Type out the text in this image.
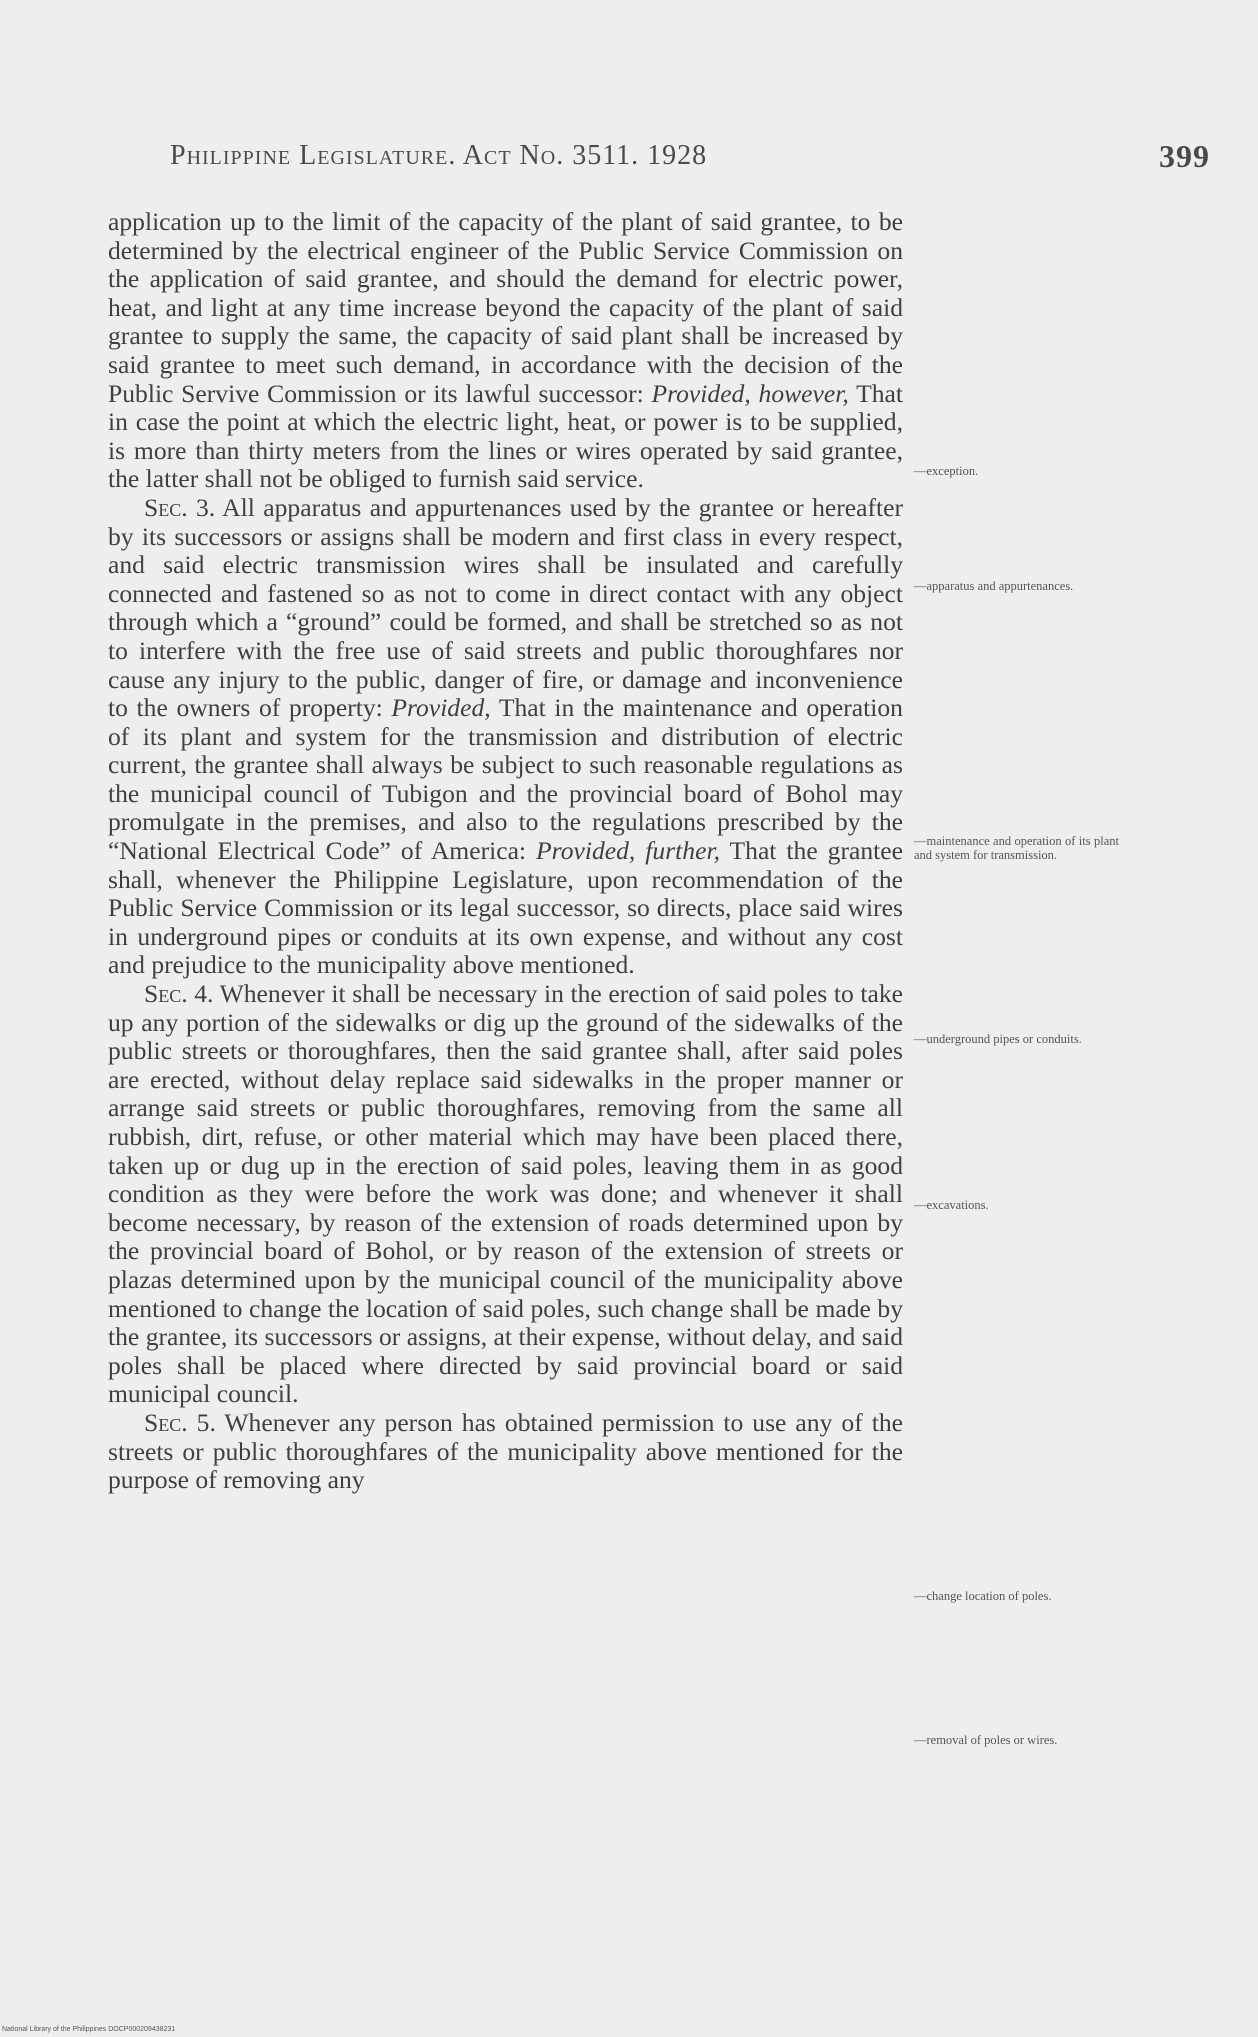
Philippine Legislature. Act No. 3511. 1928	399

application up to the limit of the capacity of the plant of said grantee, to be determined by the electrical engineer of the Public Service Commission on the application of said grantee, and should the demand for electric power, heat, and light at any time increase beyond the capacity of the plant of said grantee to supply the same, the capacity of said plant shall be increased by said grantee to meet such demand, in accordance with the decision of the Public Servive Commission or its lawful successor: Provided, however, That in case the point at which the electric light, heat, or power is to be supplied, is more than thirty meters from the lines or wires operated by said grantee, the latter shall not be obliged to furnish said service.

Sec. 3. All apparatus and appurtenances used by the grantee or hereafter by its successors or assigns shall be modern and first class in every respect, and said electric transmission wires shall be insulated and carefully connected and fastened so as not to come in direct contact with any object through which a “ground” could be formed, and shall be stretched so as not to interfere with the free use of said streets and public thoroughfares nor cause any injury to the public, danger of fire, or damage and inconvenience to the owners of property: Provided, That in the maintenance and operation of its plant and system for the transmission and distribution of electric current, the grantee shall always be subject to such reasonable regulations as the municipal council of Tubigon and the provincial board of Bohol may promulgate in the premises, and also to the regulations prescribed by the “National Electrical Code” of America: Provided, further, That the grantee shall, whenever the Philippine Legislature, upon recommendation of the Public Service Commission or its legal successor, so directs, place said wires in underground pipes or conduits at its own expense, and without any cost and prejudice to the municipality above mentioned.

Sec. 4. Whenever it shall be necessary in the erection of said poles to take up any portion of the sidewalks or dig up the ground of the sidewalks of the public streets or thoroughfares, then the said grantee shall, after said poles are erected, without delay replace said sidewalks in the proper manner or arrange said streets or public thoroughfares, removing from the same all rubbish, dirt, refuse, or other material which may have been placed there, taken up or dug up in the erection of said poles, leaving them in as good condition as they were before the work was done; and whenever it shall become necessary, by reason of the extension of roads determined upon by the provincial board of Bohol, or by reason of the extension of streets or plazas determined upon by the municipal council of the municipality above mentioned to change the location of said poles, such change shall be made by the grantee, its successors or assigns, at their expense, without delay, and said poles shall be placed where directed by said provincial board or said municipal council.

Sec. 5. Whenever any person has obtained permission to use any of the streets or public thoroughfares of the municipality above mentioned for the purpose of removing any

—exception.
—apparatus and appurtenances.
—maintenance and operation of its plant and system for transmission.
—underground pipes or conduits.
—excavations.
—change location of poles.
—removal of poles or wires.
National Library of the Philippines DOCP000209438231
